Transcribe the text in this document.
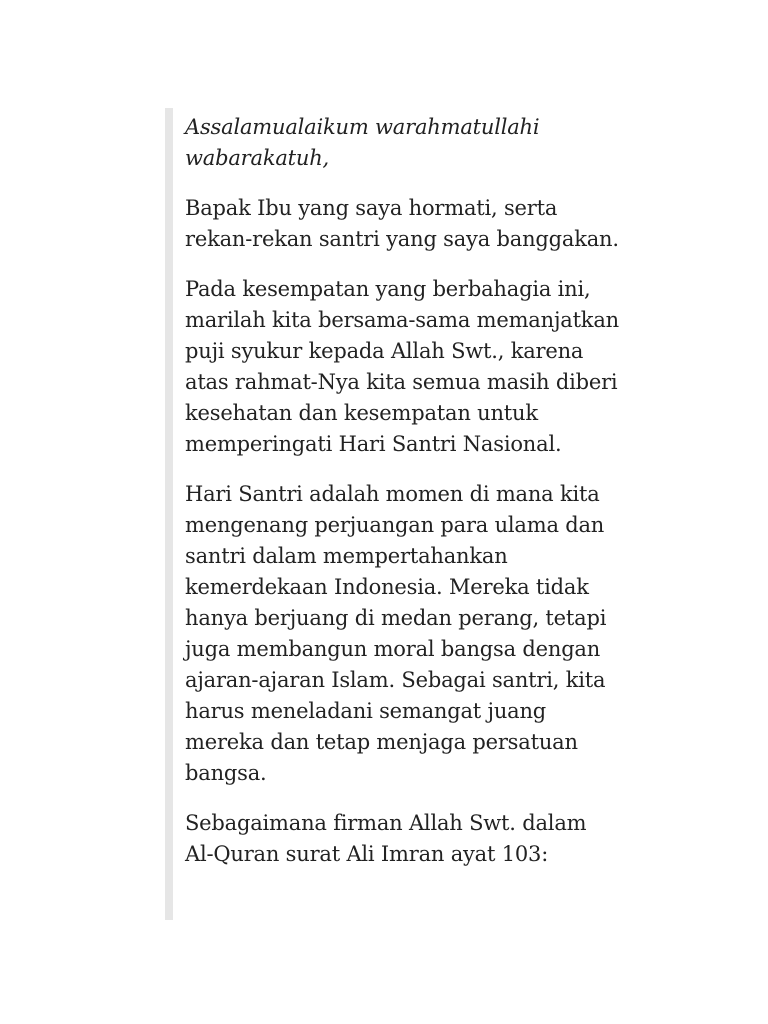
Assalamualaikum warahmatullahi wabarakatuh,

Bapak Ibu yang saya hormati, serta rekan-rekan santri yang saya banggakan.

Pada kesempatan yang berbahagia ini, marilah kita bersama-sama memanjatkan puji syukur kepada Allah Swt., karena atas rahmat-Nya kita semua masih diberi kesehatan dan kesempatan untuk memperingati Hari Santri Nasional.

Hari Santri adalah momen di mana kita mengenang perjuangan para ulama dan santri dalam mempertahankan kemerdekaan Indonesia. Mereka tidak hanya berjuang di medan perang, tetapi juga membangun moral bangsa dengan ajaran-ajaran Islam. Sebagai santri, kita harus meneladani semangat juang mereka dan tetap menjaga persatuan bangsa.

Sebagaimana firman Allah Swt. dalam Al-Quran surat Ali Imran ayat 103:
